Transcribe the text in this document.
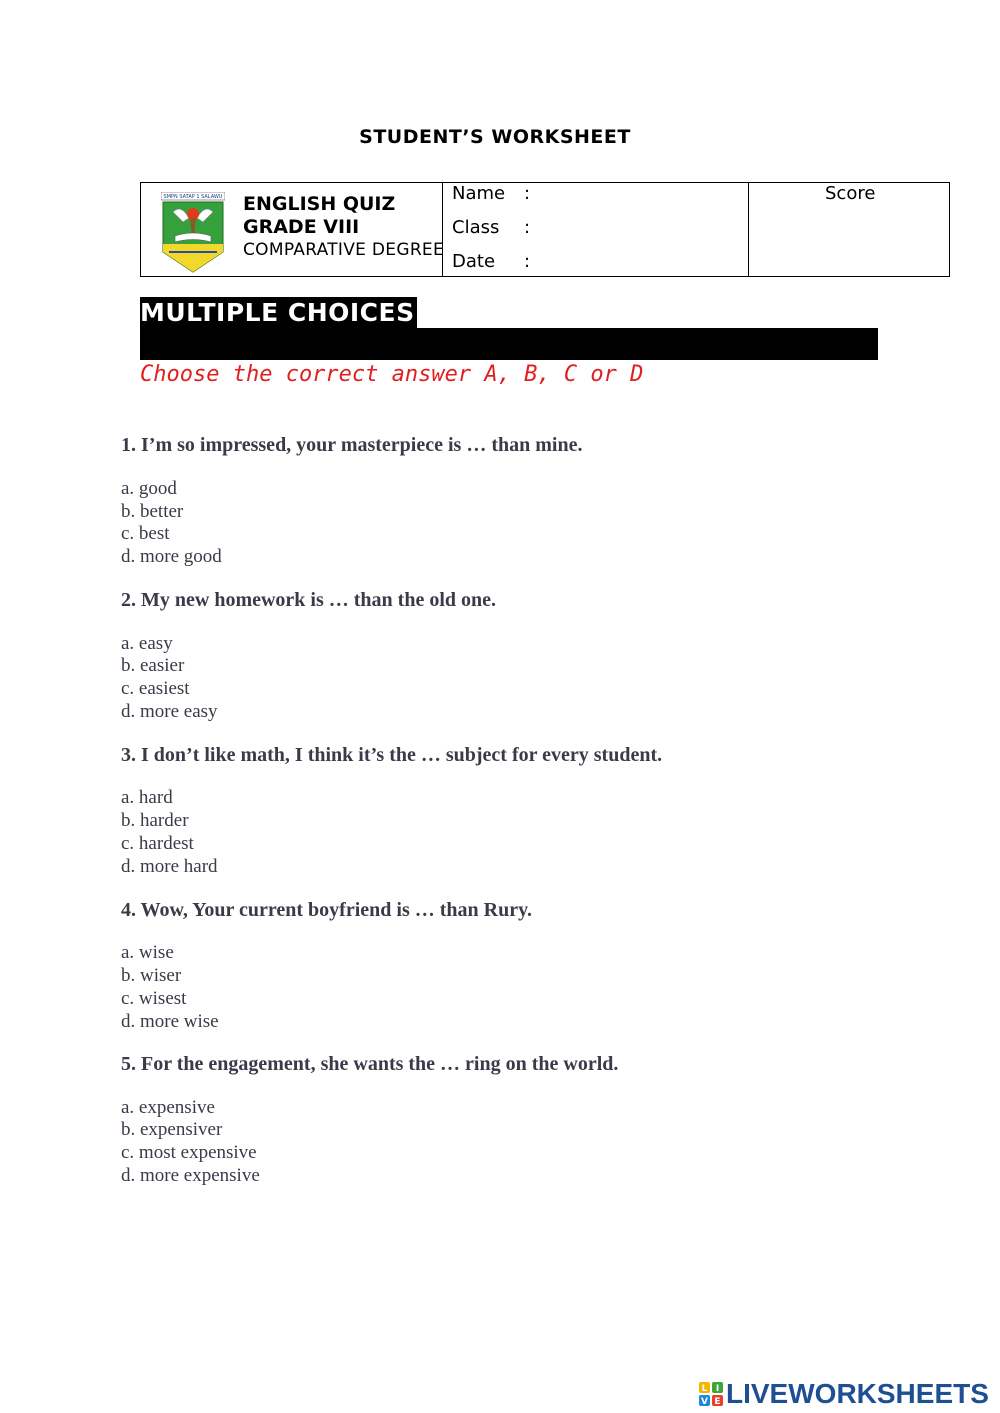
STUDENT’S WORKSHEET
SMPN SATAP 1 SALAWU ENGLISH QUIZ
GRADE VIII
COMPARATIVE DEGREE
Name :
Class :
Date :
Score
MULTIPLE CHOICES
Choose the correct answer A, B, C or D
1. I’m so impressed, your masterpiece is … than mine.
a. good
b. better
c. best
d. more good
2. My new homework is … than the old one.
a. easy
b. easier
c. easiest
d. more easy
3. I don’t like math, I think it’s the … subject for every student.
a. hard
b. harder
c. hardest
d. more hard
4. Wow, Your current boyfriend is … than Rury.
a. wise
b. wiser
c. wisest
d. more wise
5. For the engagement, she wants the … ring on the world.
a. expensive
b. expensiver
c. most expensive
d. more expensive
L I
V E LIVEWORKSHEETS
